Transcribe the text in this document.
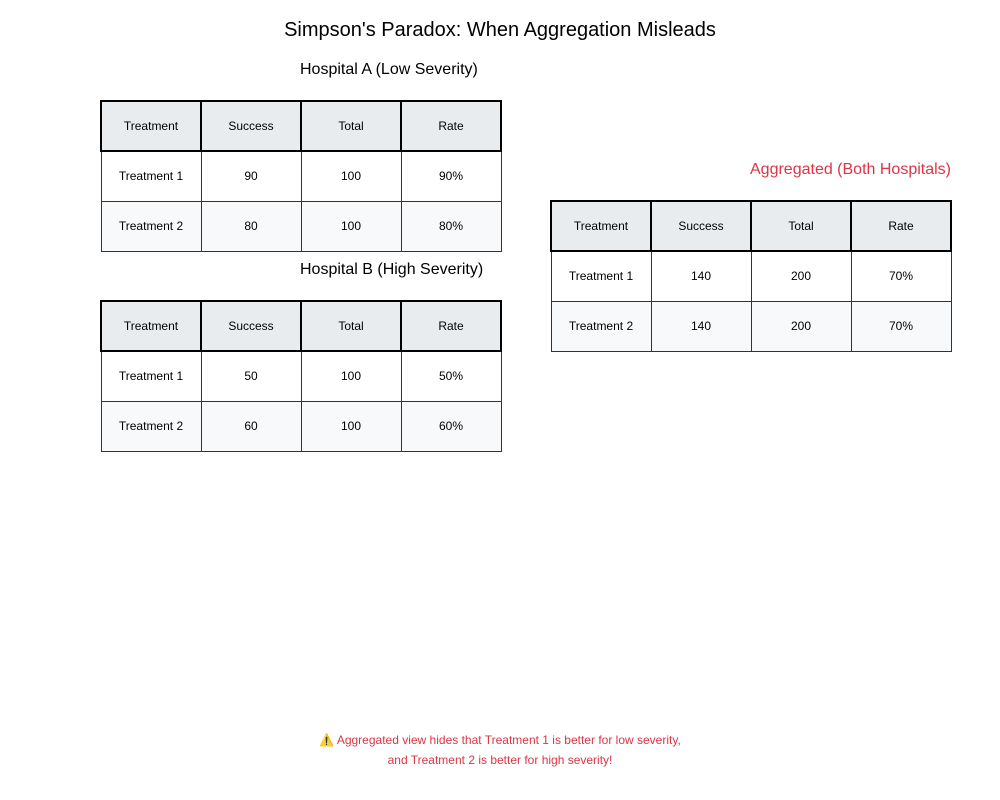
Simpson's Paradox: When Aggregation Misleads
Hospital A (Low Severity)
Treatment	Success	Total	Rate
Treatment 1	90	100	90%
Treatment 2	80	100	80%
Hospital B (High Severity)
Treatment	Success	Total	Rate
Treatment 1	50	100	50%
Treatment 2	60	100	60%
Aggregated (Both Hospitals)
Treatment	Success	Total	Rate
Treatment 1	140	200	70%
Treatment 2	140	200	70%
⚠️ Aggregated view hides that Treatment 1 is better for low severity,
and Treatment 2 is better for high severity!
